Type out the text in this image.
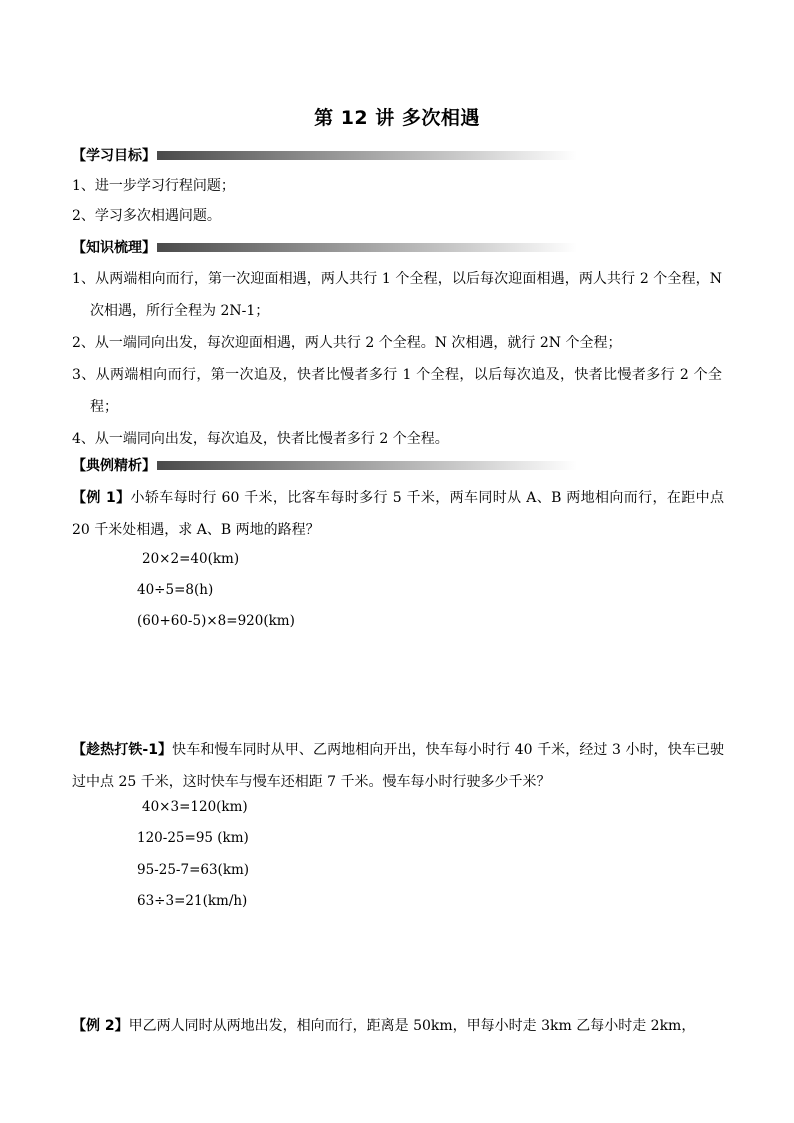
第 12 讲 多次相遇
【学习目标】
1、进一步学习行程问题；
2、学习多次相遇问题。
【知识梳理】
1、从两端相向而行，第一次迎面相遇，两人共行 1 个全程，以后每次迎面相遇，两人共行 2 个全程，N 次相遇，所行全程为 2N-1；
2、从一端同向出发，每次迎面相遇，两人共行 2 个全程。N 次相遇，就行 2N 个全程；
3、从两端相向而行，第一次追及，快者比慢者多行 1 个全程，以后每次追及，快者比慢者多行 2 个全程；
4、从一端同向出发，每次追及，快者比慢者多行 2 个全程。
【典例精析】
【例 1】小轿车每时行 60 千米，比客车每时多行 5 千米，两车同时从 A、B 两地相向而行，在距中点 20 千米处相遇，求 A、B 两地的路程？
20×2=40(km)
40÷5=8(h)
(60+60-5)×8=920(km)
【趁热打铁-1】快车和慢车同时从甲、乙两地相向开出，快车每小时行 40 千米，经过 3 小时，快车已驶过中点 25 千米，这时快车与慢车还相距 7 千米。慢车每小时行驶多少千米？
40×3=120(km)
120-25=95 (km)
95-25-7=63(km)
63÷3=21(km/h)
【例 2】甲乙两人同时从两地出发，相向而行，距离是 50km，甲每小时走 3km 乙每小时走 2km，
